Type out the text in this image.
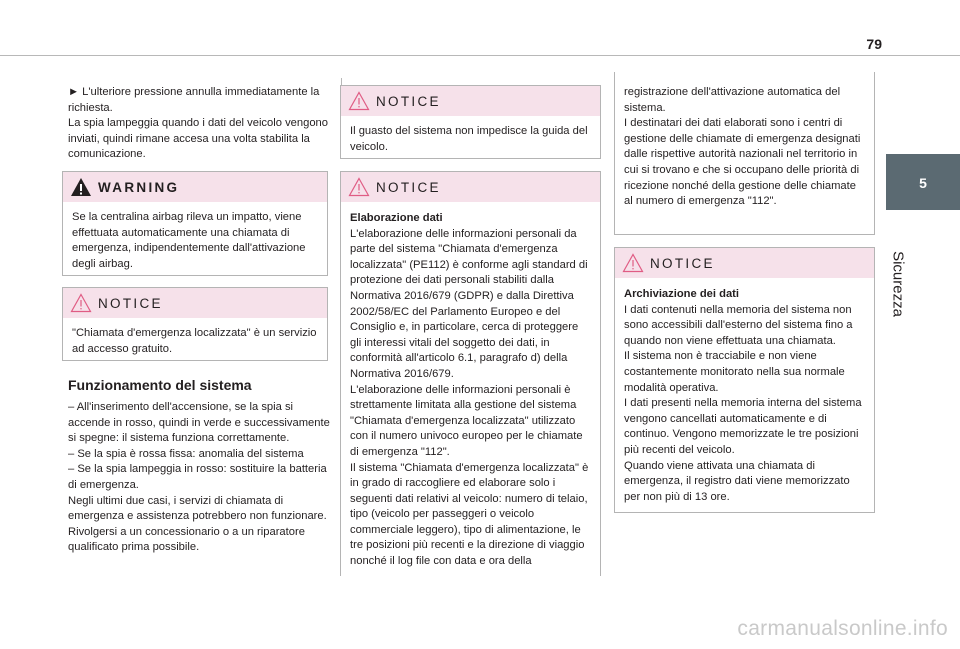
79
5
Sicurezza

► L'ulteriore pressione annulla immediatamente la richiesta.

La spia lampeggia quando i dati del veicolo vengono inviati, quindi rimane accesa una volta stabilita la comunicazione.

WARNING

Se la centralina airbag rileva un impatto, viene effettuata automaticamente una chiamata di emergenza, indipendentemente dall'attivazione degli airbag.

NOTICE

"Chiamata d'emergenza localizzata" è un servizio ad accesso gratuito.

Funzionamento del sistema

– All'inserimento dell'accensione, se la spia si accende in rosso, quindi in verde e successivamente si spegne: il sistema funziona correttamente.

– Se la spia è rossa fissa: anomalia del sistema

– Se la spia lampeggia in rosso: sostituire la batteria di emergenza.

Negli ultimi due casi, i servizi di chiamata di emergenza e assistenza potrebbero non funzionare.

Rivolgersi a un concessionario o a un riparatore qualificato prima possibile.

NOTICE

Il guasto del sistema non impedisce la guida del veicolo.

NOTICE

Elaborazione dati

L'elaborazione delle informazioni personali da parte del sistema "Chiamata d'emergenza localizzata" (PE112) è conforme agli standard di protezione dei dati personali stabiliti dalla Normativa 2016/679 (GDPR) e dalla Direttiva 2002/58/EC del Parlamento Europeo e del Consiglio e, in particolare, cerca di proteggere gli interessi vitali del soggetto dei dati, in conformità all'articolo 6.1, paragrafo d) della Normativa 2016/679.

L'elaborazione delle informazioni personali è strettamente limitata alla gestione del sistema "Chiamata d'emergenza localizzata" utilizzato con il numero univoco europeo per le chiamate di emergenza "112".

Il sistema "Chiamata d'emergenza localizzata" è in grado di raccogliere ed elaborare solo i seguenti dati relativi al veicolo: numero di telaio, tipo (veicolo per passeggeri o veicolo commerciale leggero), tipo di alimentazione, le tre posizioni più recenti e la direzione di viaggio nonché il log file con data e ora della

registrazione dell'attivazione automatica del sistema.

I destinatari dei dati elaborati sono i centri di gestione delle chiamate di emergenza designati dalle rispettive autorità nazionali nel territorio in cui si trovano e che si occupano delle priorità di ricezione nonché della gestione delle chiamate al numero di emergenza "112".

NOTICE

Archiviazione dei dati

I dati contenuti nella memoria del sistema non sono accessibili dall'esterno del sistema fino a quando non viene effettuata una chiamata.

Il sistema non è tracciabile e non viene costantemente monitorato nella sua normale modalità operativa.

I dati presenti nella memoria interna del sistema vengono cancellati automaticamente e di continuo. Vengono memorizzate le tre posizioni più recenti del veicolo.

Quando viene attivata una chiamata di emergenza, il registro dati viene memorizzato per non più di 13 ore.

carmanualsonline.info
